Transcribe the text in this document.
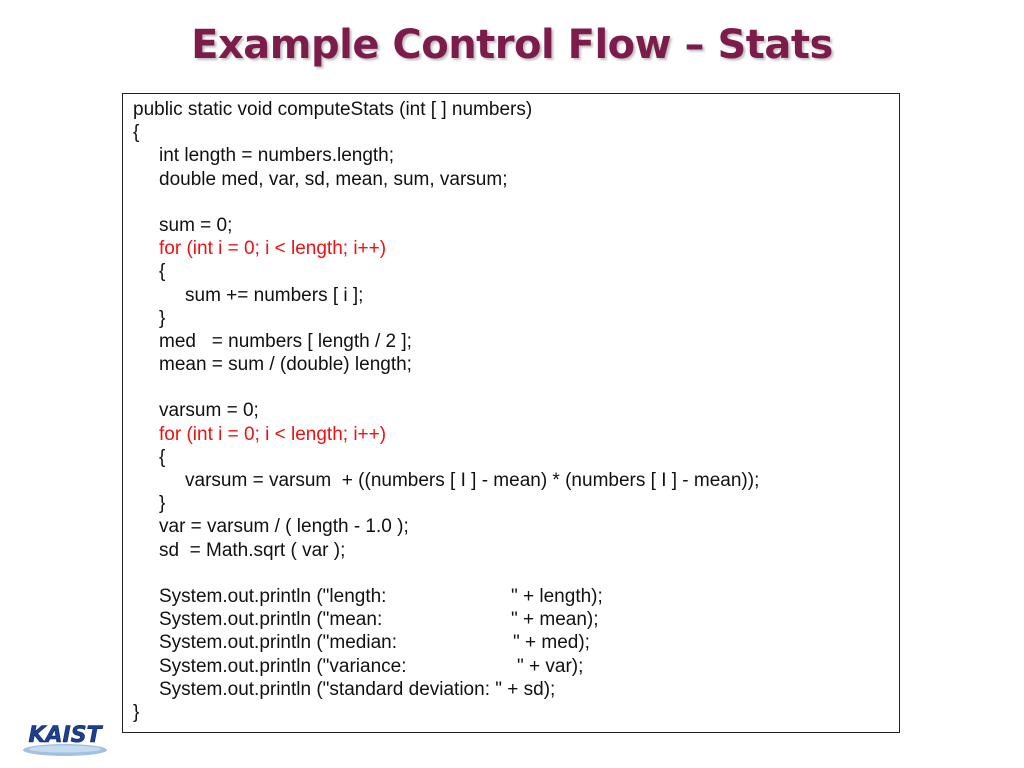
Example Control Flow – Stats
public static void computeStats (int [ ] numbers)
{
int length = numbers.length;
double med, var, sd, mean, sum, varsum;
sum = 0;
for (int i = 0; i < length; i++)
{
sum += numbers [ i ];
}
med   = numbers [ length / 2 ];
mean = sum / (double) length;
varsum = 0;
for (int i = 0; i < length; i++)
{
varsum = varsum  + ((numbers [ I ] - mean) * (numbers [ I ] - mean));
}
var = varsum / ( length - 1.0 );
sd  = Math.sqrt ( var );
System.out.println ("length:	" + length);
System.out.println ("mean:	" + mean);
System.out.println ("median:	" + med);
System.out.println ("variance:	" + var);
System.out.println ("standard deviation: " + sd);
}
KAIST
